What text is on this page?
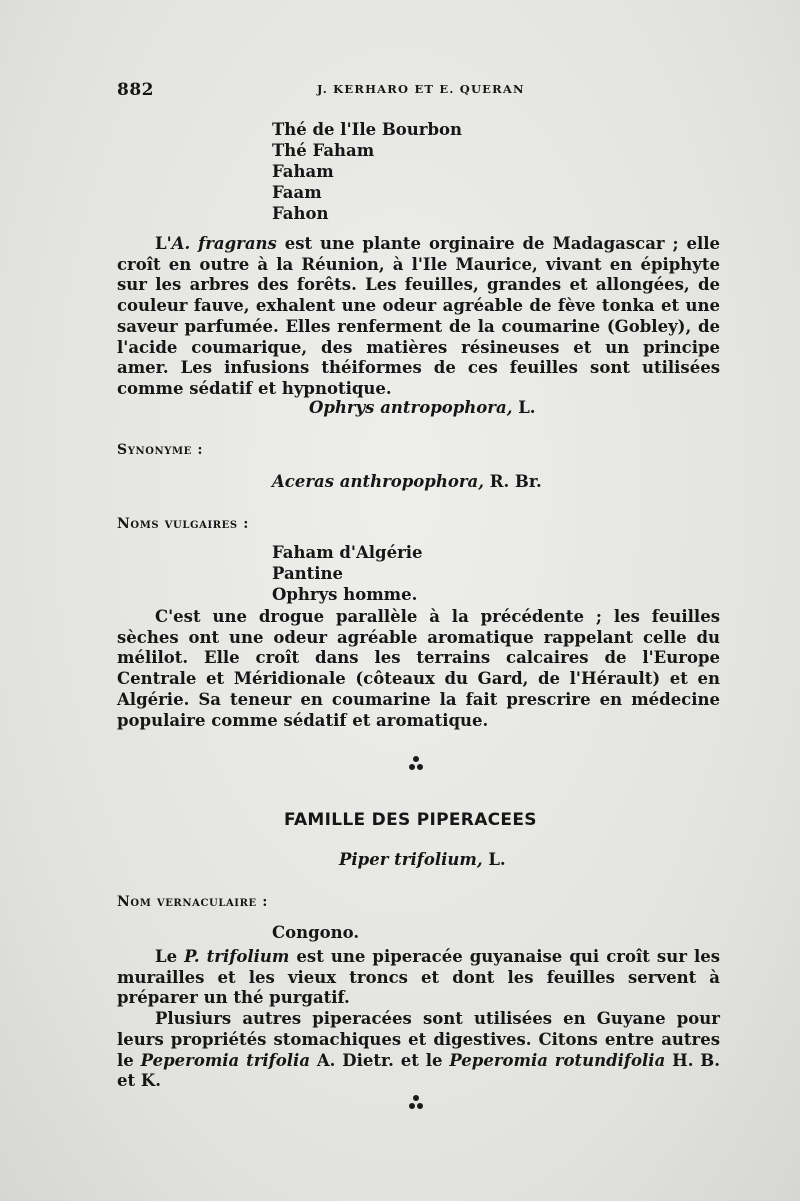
882	J. KERHARO ET E. QUERAN
Thé de l'Ile Bourbon
Thé Faham
Faham
Faam
Fahon

L'A. fragrans est une plante orginaire de Madagascar ; elle croît en outre à la Réunion, à l'Ile Maurice, vivant en épiphyte sur les arbres des forêts. Les feuilles, grandes et allongées, de couleur fauve, exhalent une odeur agréable de fève tonka et une saveur parfumée. Elles renferment de la coumarine (Gobley), de l'acide coumarique, des matières résineuses et un principe amer. Les infusions théiformes de ces feuilles sont utilisées comme sédatif et hypnotique.

Ophrys antropophora, L.
Synonyme :
Aceras anthropophora, R. Br.
Noms vulgaires :
Faham d'Algérie
Pantine
Ophrys homme.

C'est une drogue parallèle à la précédente ; les feuilles sèches ont une odeur agréable aromatique rappelant celle du mélilot. Elle croît dans les terrains calcaires de l'Europe Centrale et Méridionale (côteaux du Gard, de l'Hérault) et en Algérie. Sa teneur en coumarine la fait prescrire en médecine populaire comme sédatif et aromatique.

FAMILLE DES PIPERACEES
Piper trifolium, L.
Nom vernaculaire :
Congono.

Le P. trifolium est une piperacée guyanaise qui croît sur les murailles et les vieux troncs et dont les feuilles servent à préparer un thé purgatif.

Plusiurs autres piperacées sont utilisées en Guyane pour leurs propriétés stomachiques et digestives. Citons entre autres le Peperomia trifolia A. Dietr. et le Peperomia rotundifolia H. B. et K.
